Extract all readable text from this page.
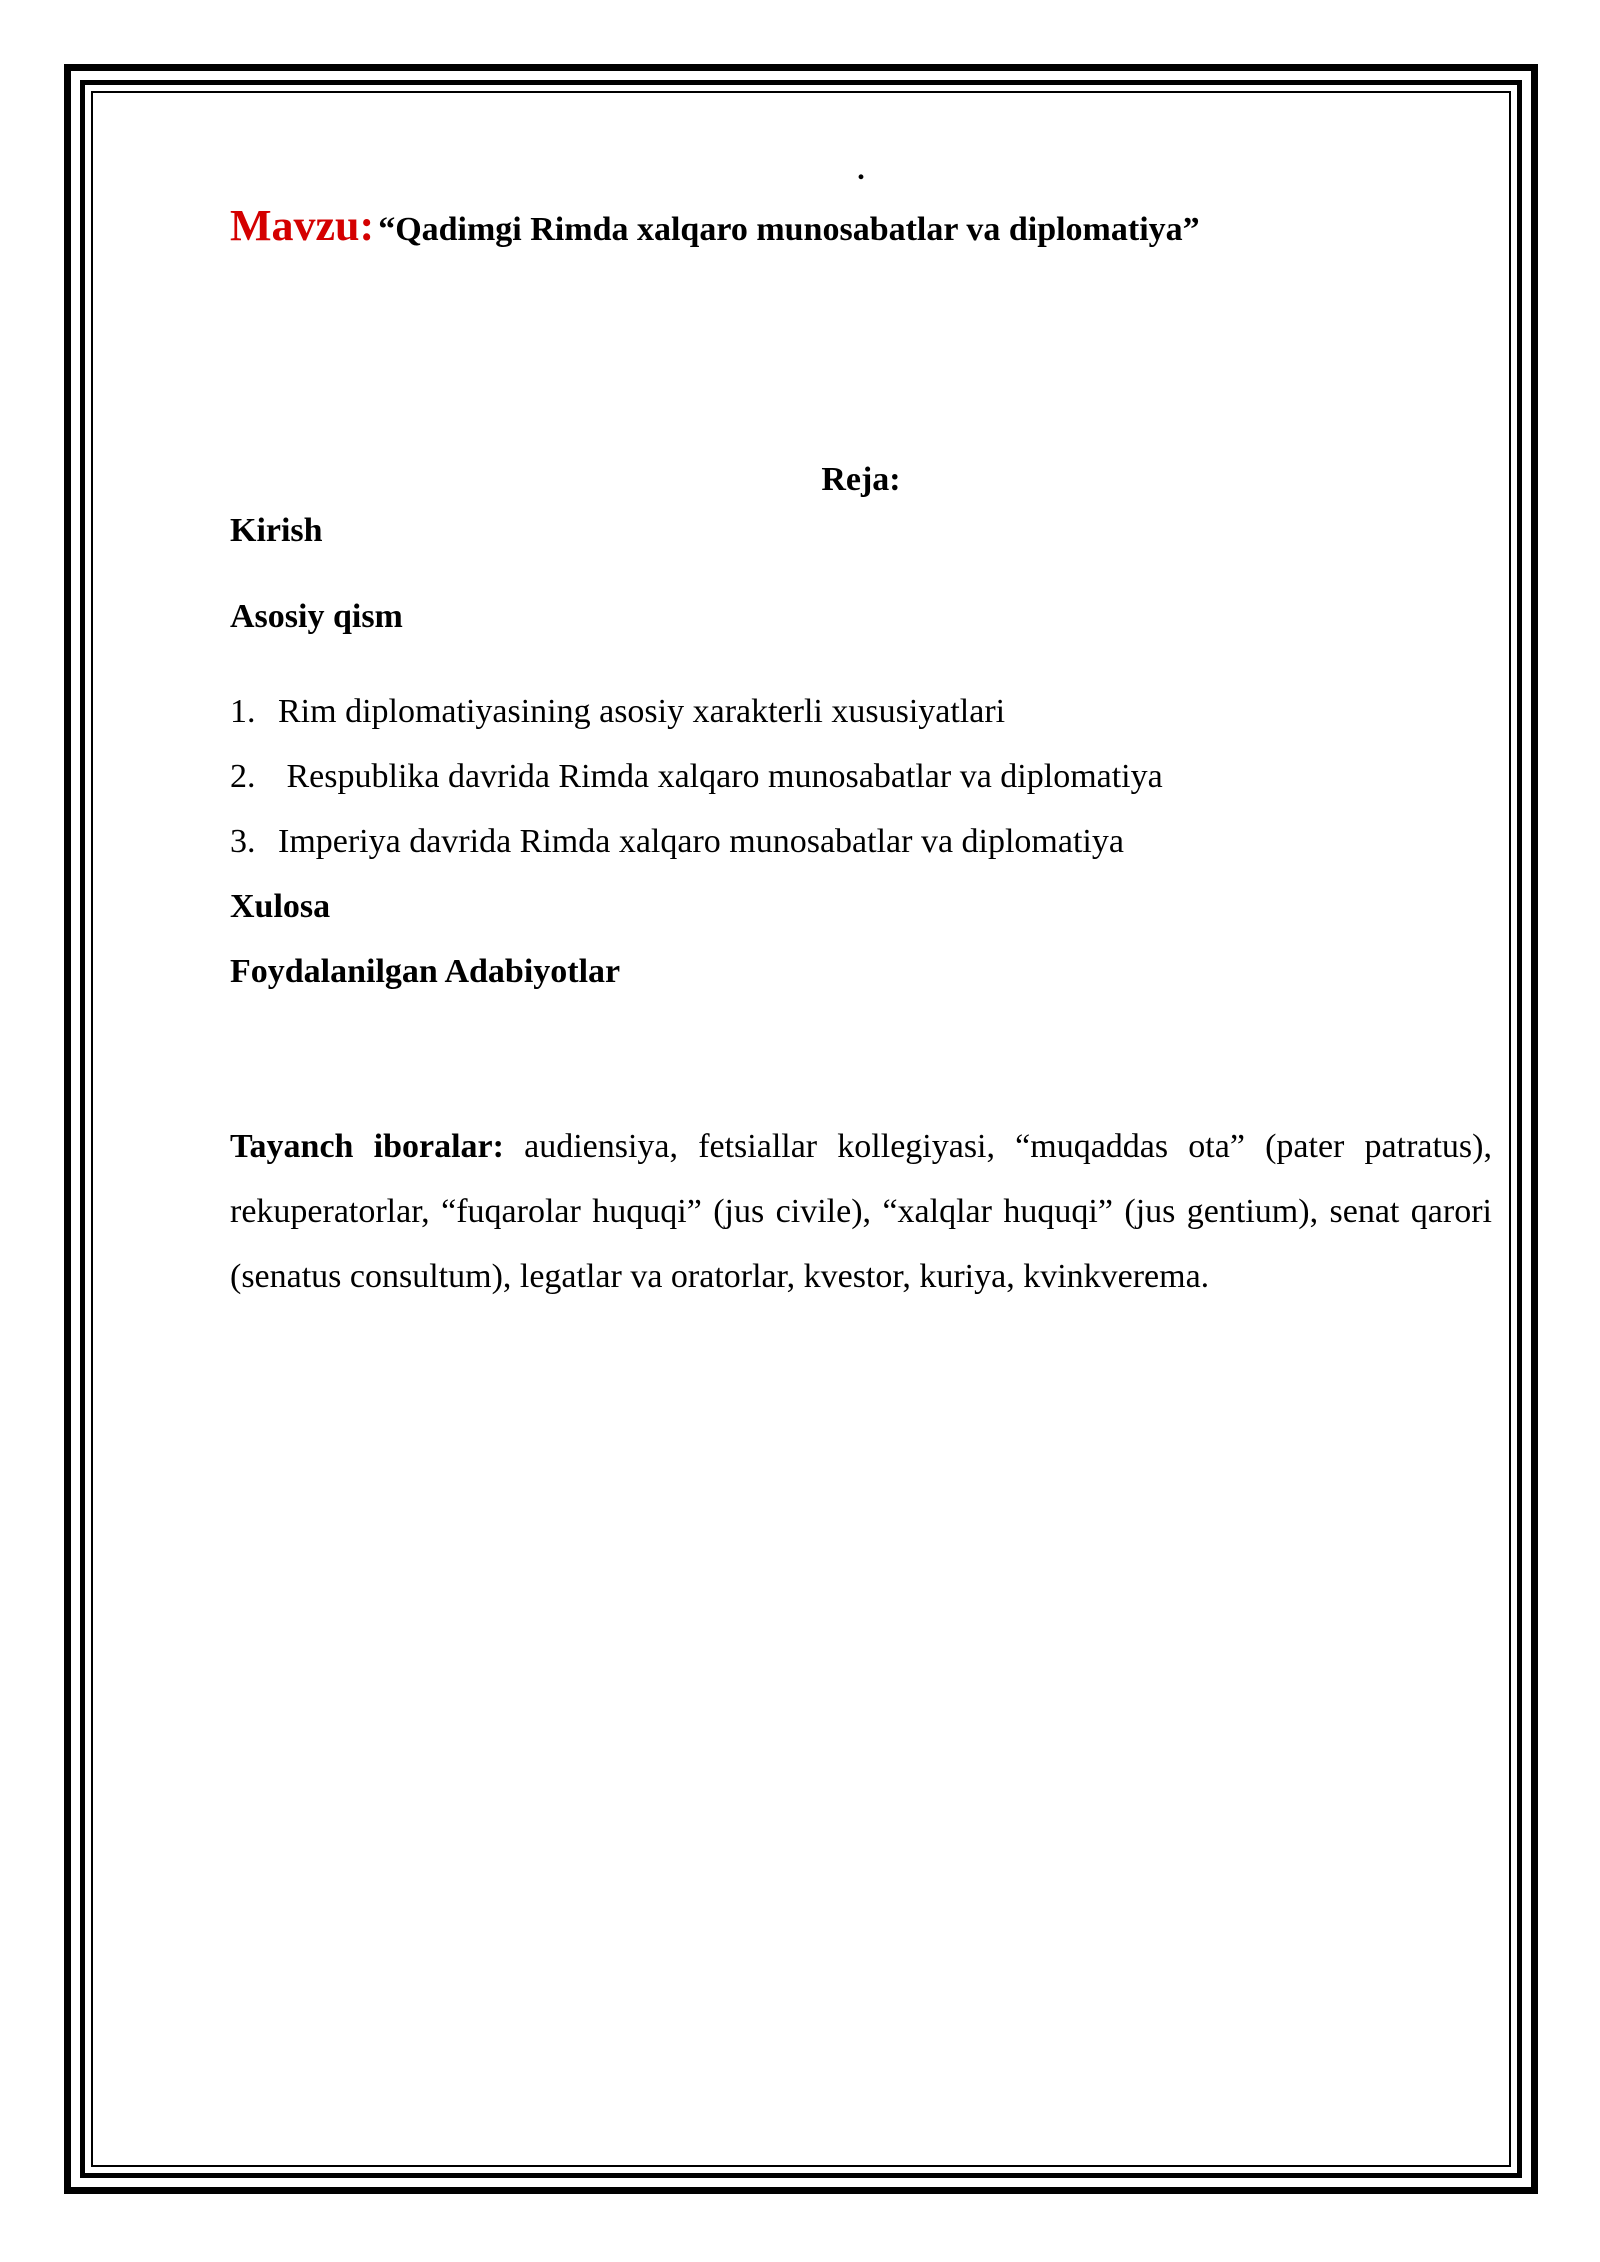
.
Mavzu: “Qadimgi Rimda xalqaro munosabatlar va diplomatiya”
Reja:
Kirish
Asosiy qism
1. Rim diplomatiyasining asosiy xarakterli xususiyatlari
2. Respublika davrida Rimda xalqaro munosabatlar va diplomatiya
3. Imperiya davrida Rimda xalqaro munosabatlar va diplomatiya
Xulosa
Foydalanilgan Adabiyotlar

Tayanch iboralar: audiensiya, fetsiallar kollegiyasi, “muqaddas ota” (pater patratus), rekuperatorlar, “fuqarolar huquqi” (jus civile), “xalqlar huquqi” (jus gentium), senat qarori (senatus consultum), legatlar va oratorlar, kvestor, kuriya, kvinkverema.
